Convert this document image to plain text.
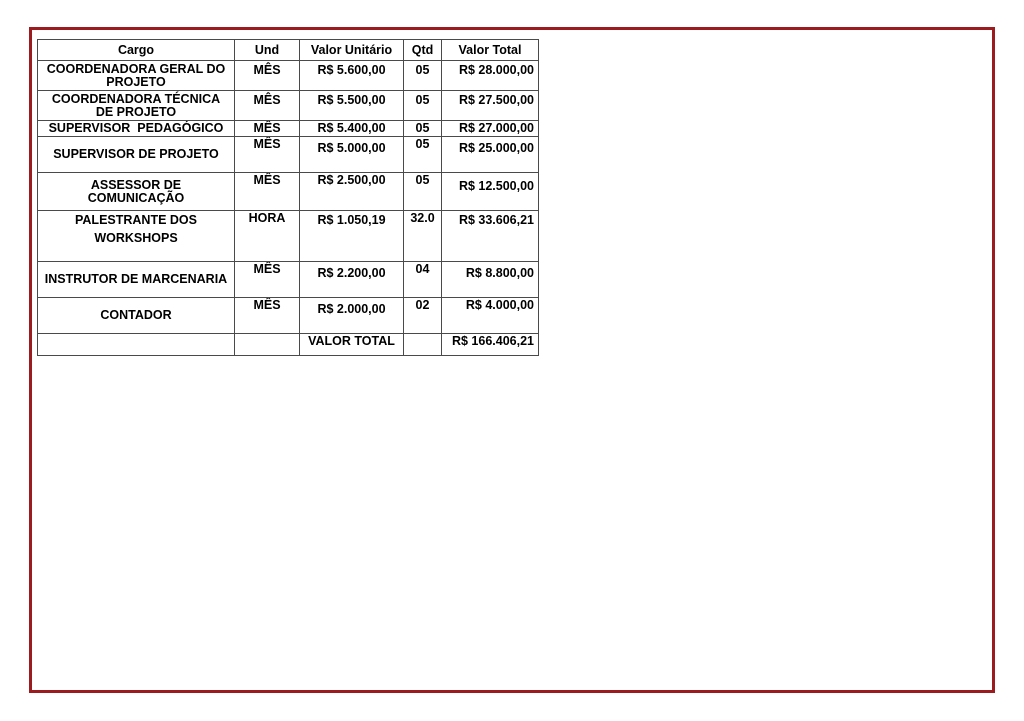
Cargo	Und	Valor Unitário	Qtd	Valor Total
COORDENADORA GERAL DO PROJETO	MÊS	R$ 5.600,00	05	R$ 28.000,00
COORDENADORA TÉCNICA DE PROJETO	MÊS	R$ 5.500,00	05	R$ 27.500,00
SUPERVISOR  PEDAGÓGICO	MÊS	R$ 5.400,00	05	R$ 27.000,00
SUPERVISOR DE PROJETO	MÊS	R$ 5.000,00	05	R$ 25.000,00
ASSESSOR DE COMUNICAÇÃO	MÊS	R$ 2.500,00	05	R$ 12.500,00
PALESTRANTE DOS WORKSHOPS	HORA	R$ 1.050,19	32.0	R$ 33.606,21
INSTRUTOR DE MARCENARIA	MÊS	R$ 2.200,00	04	R$ 8.800,00
CONTADOR	MÊS	R$ 2.000,00	02	R$ 4.000,00
		VALOR TOTAL		R$ 166.406,21
